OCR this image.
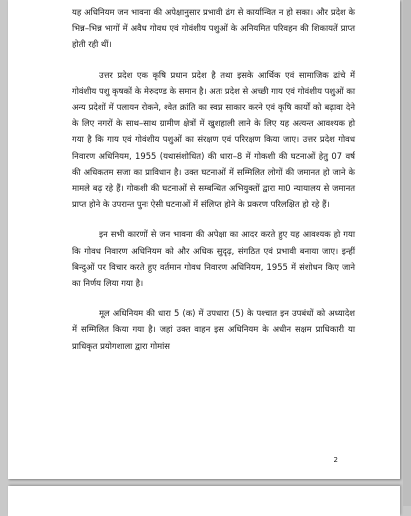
यह अधिनियम जन भावना की अपेक्षानुसार प्रभावी ढंग से कार्यान्वित न हो सका। और प्रदेश के भिन्न–भिन्न भागों में अवैध गोवध एवं गोवंशीय पशुओं के अनियमित परिवहन की शिकायतें प्राप्त होती रही थीं।

उत्तर प्रदेश एक कृषि प्रधान प्रदेश है तथा इसके आर्थिक एवं सामाजिक ढांचे में गोवंशीय पशु कृषकों के मेरुदण्ड के समान है। अतः प्रदेश से अच्छी गाय एवं गोवंशीय पशुओं का अन्य प्रदेशों में पलायन रोकने, श्वेत क्रांति का स्वप्न साकार करने एवं कृषि कार्यों को बढ़ावा देने के लिए नगरों के साथ–साथ ग्रामीण क्षेत्रों में खुशहाली लाने के लिए यह अत्यन्त आवश्यक हो गया है कि गाय एवं गोवंशीय पशुओं का संरक्षण एवं परिरक्षण किया जाए। उत्तर प्रदेश गोवध निवारण अधिनियम, 1955 (यथासंशोधित) की धारा–8 में गोकशी की घटनाओं हेतु 07 वर्ष की अधिकतम सजा का प्राविधान है। उक्त घटनाओं में सम्मिलित लोगों की जमानत हो जाने के मामले बढ़ रहे हैं। गोकशी की घटनाओं से सम्बन्धित अभियुक्तों द्वारा मा0 न्यायालय से जमानत प्राप्त होने के उपरान्त पुनः ऐसी घटनाओं में संलिप्त होने के प्रकरण परिलक्षित हो रहे हैं।

इन सभी कारणों से जन भावना की अपेक्षा का आदर करते हुए यह आवश्यक हो गया कि गोवध निवारण अधिनियम को और अधिक सुदृढ़, संगठित एवं प्रभावी बनाया जाए। इन्हीं बिन्दुओं पर विचार करते हुए वर्तमान गोवध निवारण अधिनियम, 1955 में संशोधन किए जाने का निर्णय लिया गया है।

मूल अधिनियम की धारा 5 (क) में उपधारा (5) के पश्चात इन उपबंधों को अध्यादेश में सम्मिलित किया गया है। जहां उक्त वाहन इस अधिनियम के अधीन सक्षम प्राधिकारी या प्राधिकृत प्रयोगशाला द्वारा गोमांस

2
